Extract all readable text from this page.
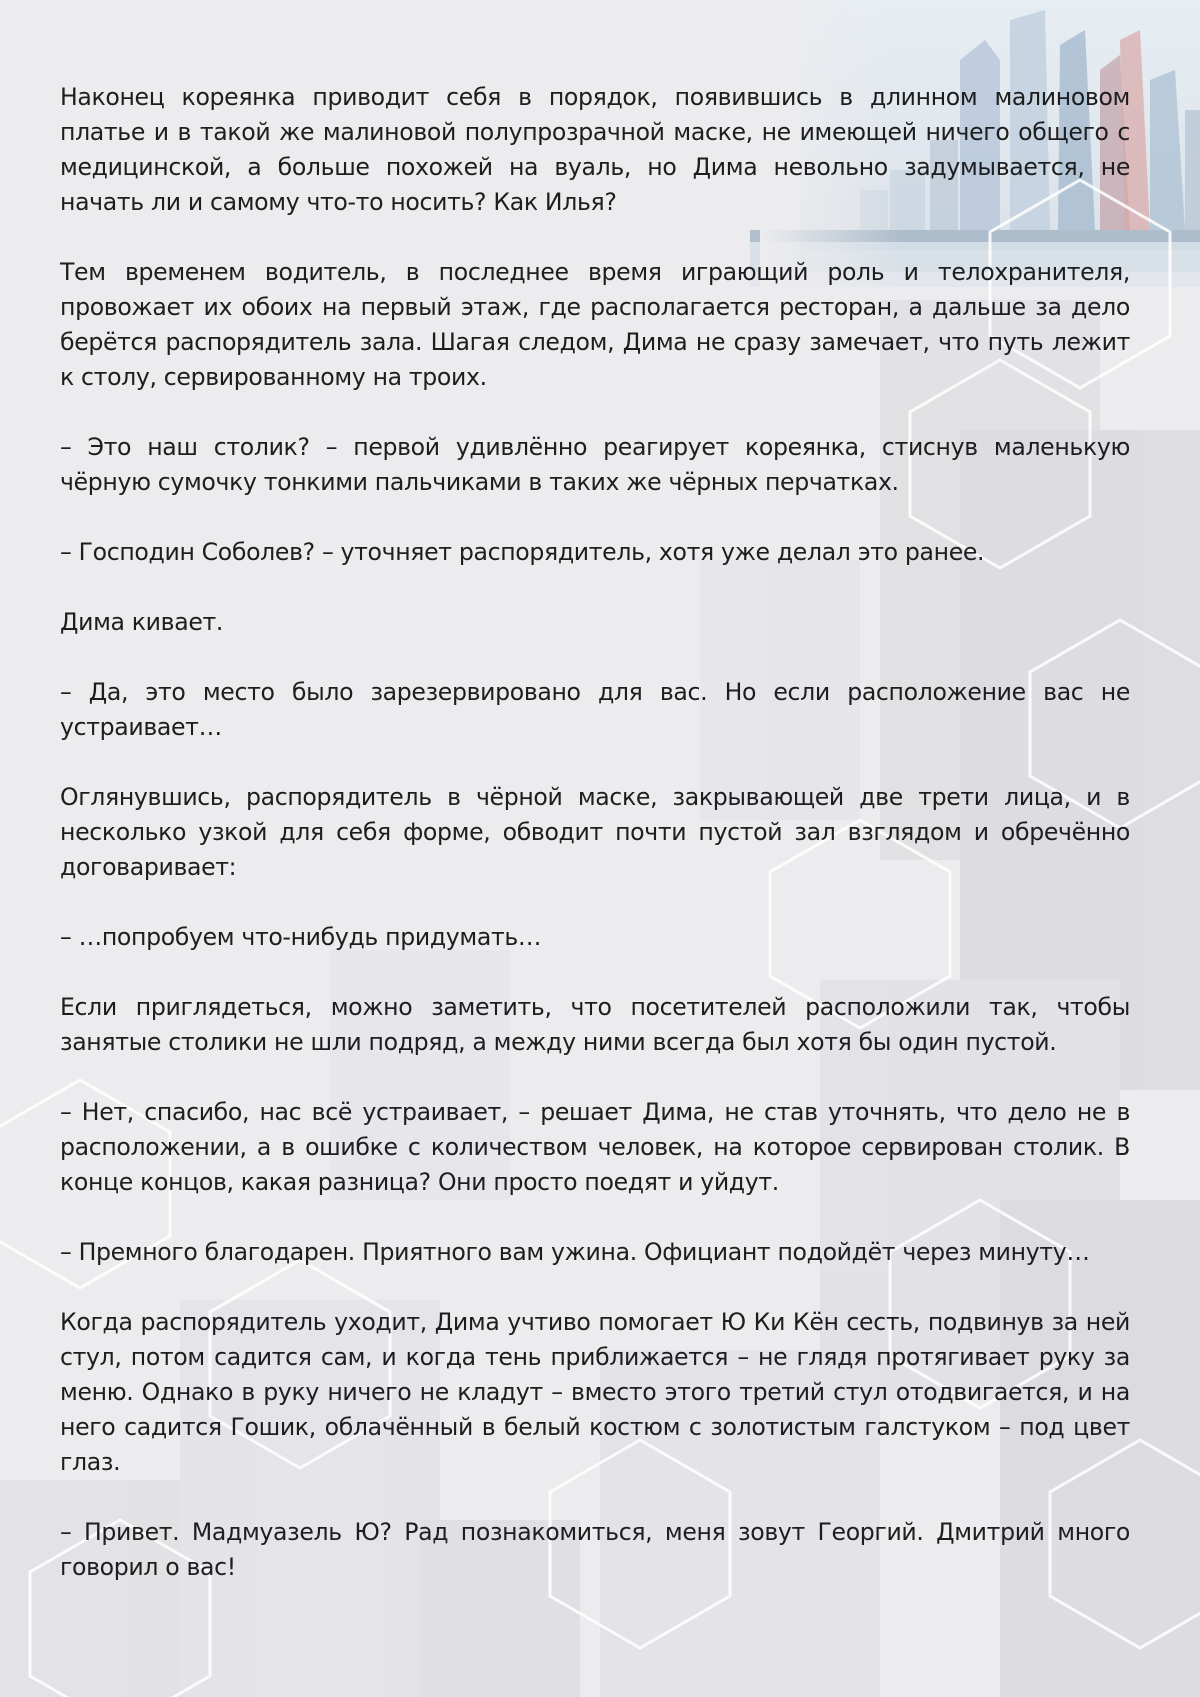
Наконец кореянка приводит себя в порядок, появившись в длинном малиновом платье и в такой же малиновой полупрозрачной маске, не имеющей ничего общего с медицинской, а больше похожей на вуаль, но Дима невольно задумывается, не начать ли и самому что-то носить? Как Илья?

Тем временем водитель, в последнее время играющий роль и телохранителя, провожает их обоих на первый этаж, где располагается ресторан, а дальше за дело берётся распорядитель зала. Шагая следом, Дима не сразу замечает, что путь лежит к столу, сервированному на троих.

– Это наш столик? – первой удивлённо реагирует кореянка, стиснув маленькую чёрную сумочку тонкими пальчиками в таких же чёрных перчатках.

– Господин Соболев? – уточняет распорядитель, хотя уже делал это ранее.

Дима кивает.

– Да, это место было зарезервировано для вас. Но если расположение вас не устраивает…

Оглянувшись, распорядитель в чёрной маске, закрывающей две трети лица, и в несколько узкой для себя форме, обводит почти пустой зал взглядом и обречённо договаривает:

– …попробуем что-нибудь придумать…

Если приглядеться, можно заметить, что посетителей расположили так, чтобы занятые столики не шли подряд, а между ними всегда был хотя бы один пустой.

– Нет, спасибо, нас всё устраивает, – решает Дима, не став уточнять, что дело не в расположении, а в ошибке с количеством человек, на которое сервирован столик. В конце концов, какая разница? Они просто поедят и уйдут.

– Премного благодарен. Приятного вам ужина. Официант подойдёт через минуту…

Когда распорядитель уходит, Дима учтиво помогает Ю Ки Кён сесть, подвинув за ней стул, потом садится сам, и когда тень приближается – не глядя протягивает руку за меню. Однако в руку ничего не кладут – вместо этого третий стул отодвигается, и на него садится Гошик, облачённый в белый костюм с золотистым галстуком – под цвет глаз.

– Привет. Мадмуазель Ю? Рад познакомиться, меня зовут Георгий. Дмитрий много говорил о вас!
